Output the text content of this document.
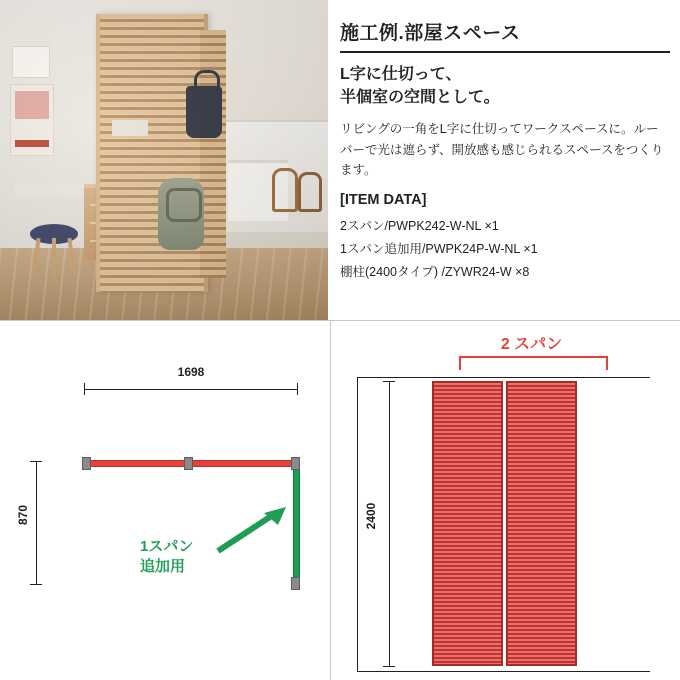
施工例.部屋スペース
L字に仕切って、
半個室の空間として。
リビングの一角をL字に仕切ってワークスペースに。ルーバーで光は遮らず、開放感も感じられるスペースをつくります。
[ITEM DATA]
2スパン/PWPK242-W-NL ×1
1スパン追加用/PWPK24P-W-NL ×1
棚柱(2400タイプ) /ZYWR24-W ×8
1698
870
1スパン
追加用
2 スパン
2400
